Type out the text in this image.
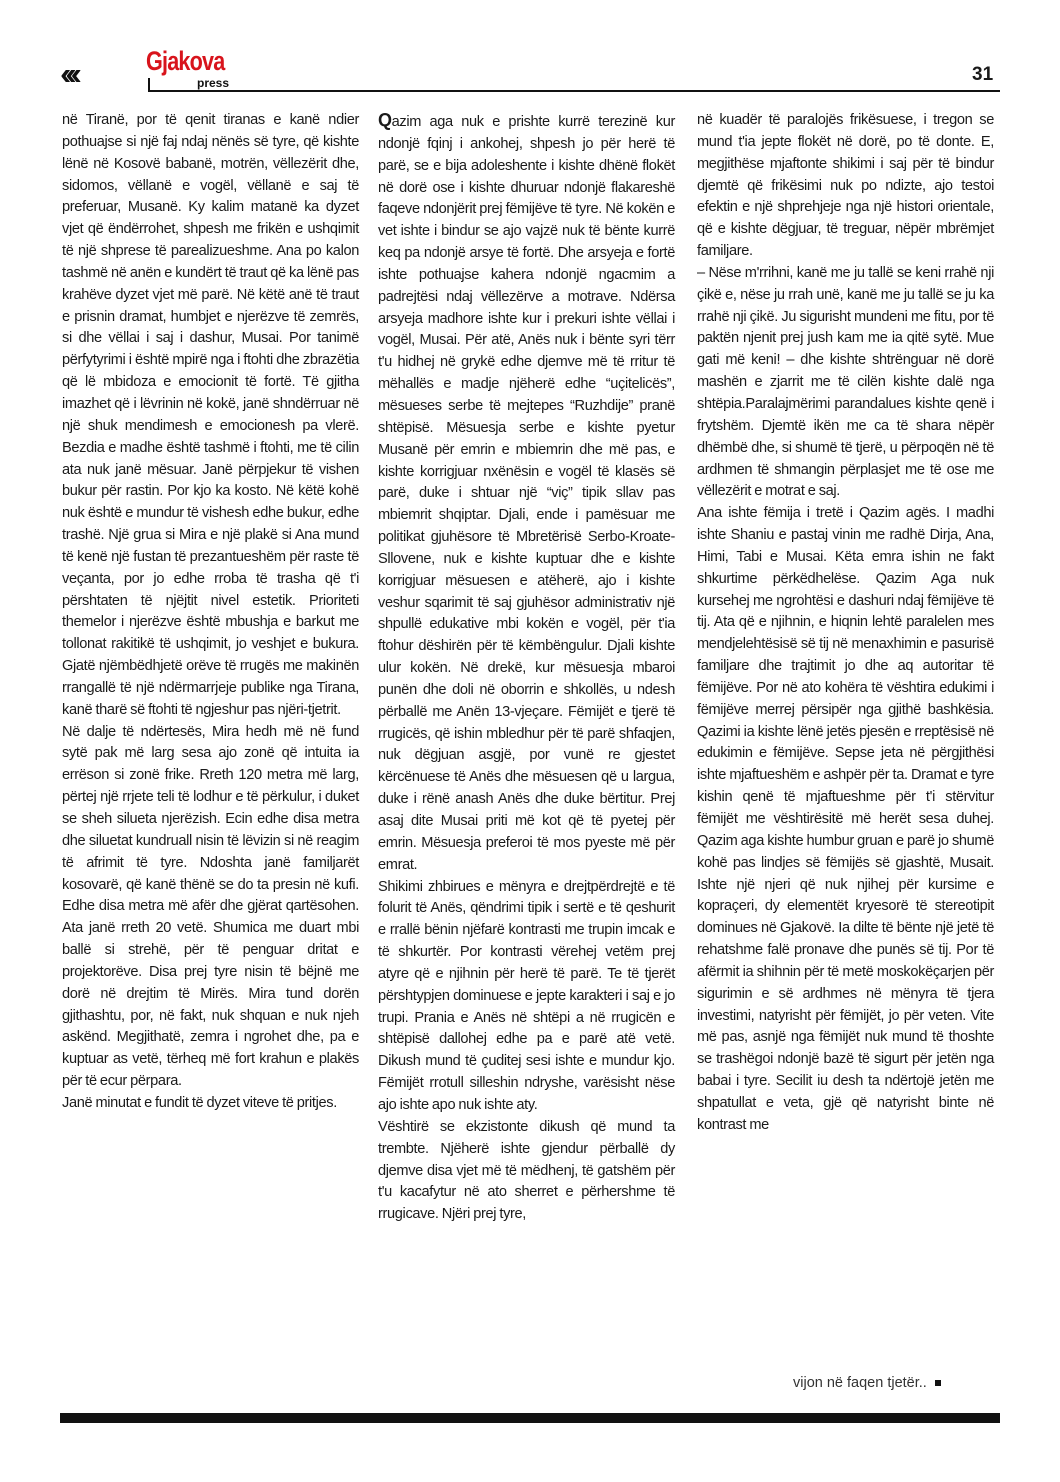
‹‹‹	Gjakova
press	31

në Tiranë, por të qenit tiranas e kanë ndier pothuajse si një faj ndaj nënës së tyre, që kishte lënë në Kosovë babanë, motrën, vëllezërit dhe, sidomos, vëllanë e vogël, vëllanë e saj të preferuar, Musanë. Ky kalim matanë ka dyzet vjet që ëndërrohet, shpesh me frikën e ushqimit të një shprese të parealizueshme. Ana po kalon tashmë në anën e kundërt të traut që ka lënë pas krahëve dyzet vjet më parë. Në këtë anë të traut e prisnin dramat, humbjet e njerëzve të zemrës, si dhe vëllai i saj i dashur, Musai. Por tanimë përfytyrimi i është mpirë nga i ftohti dhe zbrazëtia që lë mbidoza e emocionit të fortë. Të gjitha imazhet që i lëvrinin në kokë, janë shndërruar në një shuk mendimesh e emocionesh pa vlerë. Bezdia e madhe është tashmë i ftohti, me të cilin ata nuk janë mësuar. Janë përpjekur të vishen bukur për rastin. Por kjo ka kosto. Në këtë kohë nuk është e mundur të vishesh edhe bukur, edhe trashë. Një grua si Mira e një plakë si Ana mund të kenë një fustan të prezantueshëm për raste të veçanta, por jo edhe rroba të trasha që t'i përshtaten të njëjtit nivel estetik. Prioriteti themelor i njerëzve është mbushja e barkut me tollonat rakitikë të ushqimit, jo veshjet e bukura. Gjatë njëmbëdhjetë orëve të rrugës me makinën rrangallë të një ndërmarrjeje publike nga Tirana, kanë tharë së ftohti të ngjeshur pas njëri-tjetrit.

Në dalje të ndërtesës, Mira hedh më në fund sytë pak më larg sesa ajo zonë që intuita ia errëson si zonë frike. Rreth 120 metra më larg, përtej një rrjete teli të lodhur e të përkulur, i duket se sheh silueta njerëzish. Ecin edhe disa metra dhe siluetat kundruall nisin të lëvizin si në reagim të afrimit të tyre. Ndoshta janë familjarët kosovarë, që kanë thënë se do ta presin në kufi. Edhe disa metra më afër dhe gjërat qartësohen. Ata janë rreth 20 vetë. Shumica me duart mbi ballë si strehë, për të penguar dritat e projektorëve. Disa prej tyre nisin të bëjnë me dorë në drejtim të Mirës. Mira tund dorën gjithashtu, por, në fakt, nuk shquan e nuk njeh askënd. Megjithatë, zemra i ngrohet dhe, pa e kuptuar as vetë, tërheq më fort krahun e plakës për të ecur përpara.

Janë minutat e fundit të dyzet viteve të pritjes.

Qazim aga nuk e prishte kurrë terezinë kur ndonjë fqinj i ankohej, shpesh jo për herë të parë, se e bija adoleshente i kishte dhënë flokët në dorë ose i kishte dhuruar ndonjë flakareshë faqeve ndonjërit prej fëmijëve të tyre. Në kokën e vet ishte i bindur se ajo vajzë nuk të bënte kurrë keq pa ndonjë arsye të fortë. Dhe arsyeja e fortë ishte pothuajse kahera ndonjë ngacmim a padrejtësi ndaj vëllezërve a motrave. Ndërsa arsyeja madhore ishte kur i prekuri ishte vëllai i vogël, Musai. Për atë, Anës nuk i bënte syri tërr t'u hidhej në grykë edhe djemve më të rritur të mëhallës e madje njëherë edhe “uçitelicës”, mësueses serbe të mejtepes “Ruzhdije” pranë shtëpisë. Mësuesja serbe e kishte pyetur Musanë për emrin e mbiemrin dhe më pas, e kishte korrigjuar nxënësin e vogël të klasës së parë, duke i shtuar një “viç” tipik sllav pas mbiemrit shqiptar. Djali, ende i pamësuar me politikat gjuhësore të Mbretërisë Serbo-Kroate-Sllovene, nuk e kishte kuptuar dhe e kishte korrigjuar mësuesen e atëherë, ajo i kishte veshur sqarimit të saj gjuhësor administrativ një shpullë edukative mbi kokën e vogël, për t'ia ftohur dëshirën për të këmbëngulur. Djali kishte ulur kokën. Në drekë, kur mësuesja mbaroi punën dhe doli në oborrin e shkollës, u ndesh përballë me Anën 13-vjeçare. Fëmijët e tjerë të rrugicës, që ishin mbledhur për të parë shfaqjen, nuk dëgjuan asgjë, por vunë re gjestet kërcënuese të Anës dhe mësuesen që u largua, duke i rënë anash Anës dhe duke bërtitur. Prej asaj dite Musai priti më kot që të pyetej për emrin. Mësuesja preferoi të mos pyeste më për emrat.

Shikimi zhbirues e mënyra e drejtpërdrejtë e të folurit të Anës, qëndrimi tipik i sertë e të qeshurit e rrallë bënin njëfarë kontrasti me trupin imcak e të shkurtër. Por kontrasti vërehej vetëm prej atyre që e njihnin për herë të parë. Te të tjerët përshtypjen dominuese e jepte karakteri i saj e jo trupi. Prania e Anës në shtëpi a në rrugicën e shtëpisë dallohej edhe pa e parë atë vetë. Dikush mund të çuditej sesi ishte e mundur kjo. Fëmijët rrotull silleshin ndryshe, varësisht nëse ajo ishte apo nuk ishte aty.

Vështirë se ekzistonte dikush që mund ta trembte. Njëherë ishte gjendur përballë dy djemve disa vjet më të mëdhenj, të gatshëm për t'u kacafytur në ato sherret e përhershme të rrugicave. Njëri prej tyre,

në kuadër të paralojës frikësuese, i tregon se mund t'ia jepte flokët në dorë, po të donte. E, megjithëse mjaftonte shikimi i saj për të bindur djemtë që frikësimi nuk po ndizte, ajo testoi efektin e një shprehjeje nga një histori orientale, që e kishte dëgjuar, të treguar, nëpër mbrëmjet familjare.

– Nëse m'rrihni, kanë me ju tallë se keni rrahë nji çikë e, nëse ju rrah unë, kanë me ju tallë se ju ka rrahë nji çikë. Ju sigurisht mundeni me fitu, por të paktën njenit prej jush kam me ia qitë sytë. Mue gati më keni! – dhe kishte shtrënguar në dorë mashën e zjarrit me të cilën kishte dalë nga shtëpia.Paralajmërimi parandalues kishte qenë i frytshëm. Djemtë ikën me ca të shara nëpër dhëmbë dhe, si shumë të tjerë, u përpoqën në të ardhmen të shmangin përplasjet me të ose me vëllezërit e motrat e saj.

Ana ishte fëmija i tretë i Qazim agës. I madhi ishte Shaniu e pastaj vinin me radhë Dirja, Ana, Himi, Tabi e Musai. Këta emra ishin ne fakt shkurtime përkëdhelëse. Qazim Aga nuk kursehej me ngrohtësi e dashuri ndaj fëmijëve të tij. Ata që e njihnin, e hiqnin lehtë paralelen mes mendjelehtësisë së tij në menaxhimin e pasurisë familjare dhe trajtimit jo dhe aq autoritar të fëmijëve. Por në ato kohëra të vështira edukimi i fëmijëve merrej përsipër nga gjithë bashkësia. Qazimi ia kishte lënë jetës pjesën e rreptësisë në edukimin e fëmijëve. Sepse jeta në përgjithësi ishte mjaftueshëm e ashpër për ta. Dramat e tyre kishin qenë të mjaftueshme për t'i stërvitur fëmijët me vështirësitë më herët sesa duhej. Qazim aga kishte humbur gruan e parë jo shumë kohë pas lindjes së fëmijës së gjashtë, Musait. Ishte një njeri që nuk njihej për kursime e kopraçeri, dy elementët kryesorë të stereotipit dominues në Gjakovë. Ia dilte të bënte një jetë të rehatshme falë pronave dhe punës së tij. Por të afërmit ia shihnin për të metë moskokëçarjen për sigurimin e së ardhmes në mënyra të tjera investimi, natyrisht për fëmijët, jo për veten. Vite më pas, asnjë nga fëmijët nuk mund të thoshte se trashëgoi ndonjë bazë të sigurt për jetën nga babai i tyre. Secilit iu desh ta ndërtojë jetën me shpatullat e veta, gjë që natyrisht binte në kontrast me

vijon në faqen tjetër..
